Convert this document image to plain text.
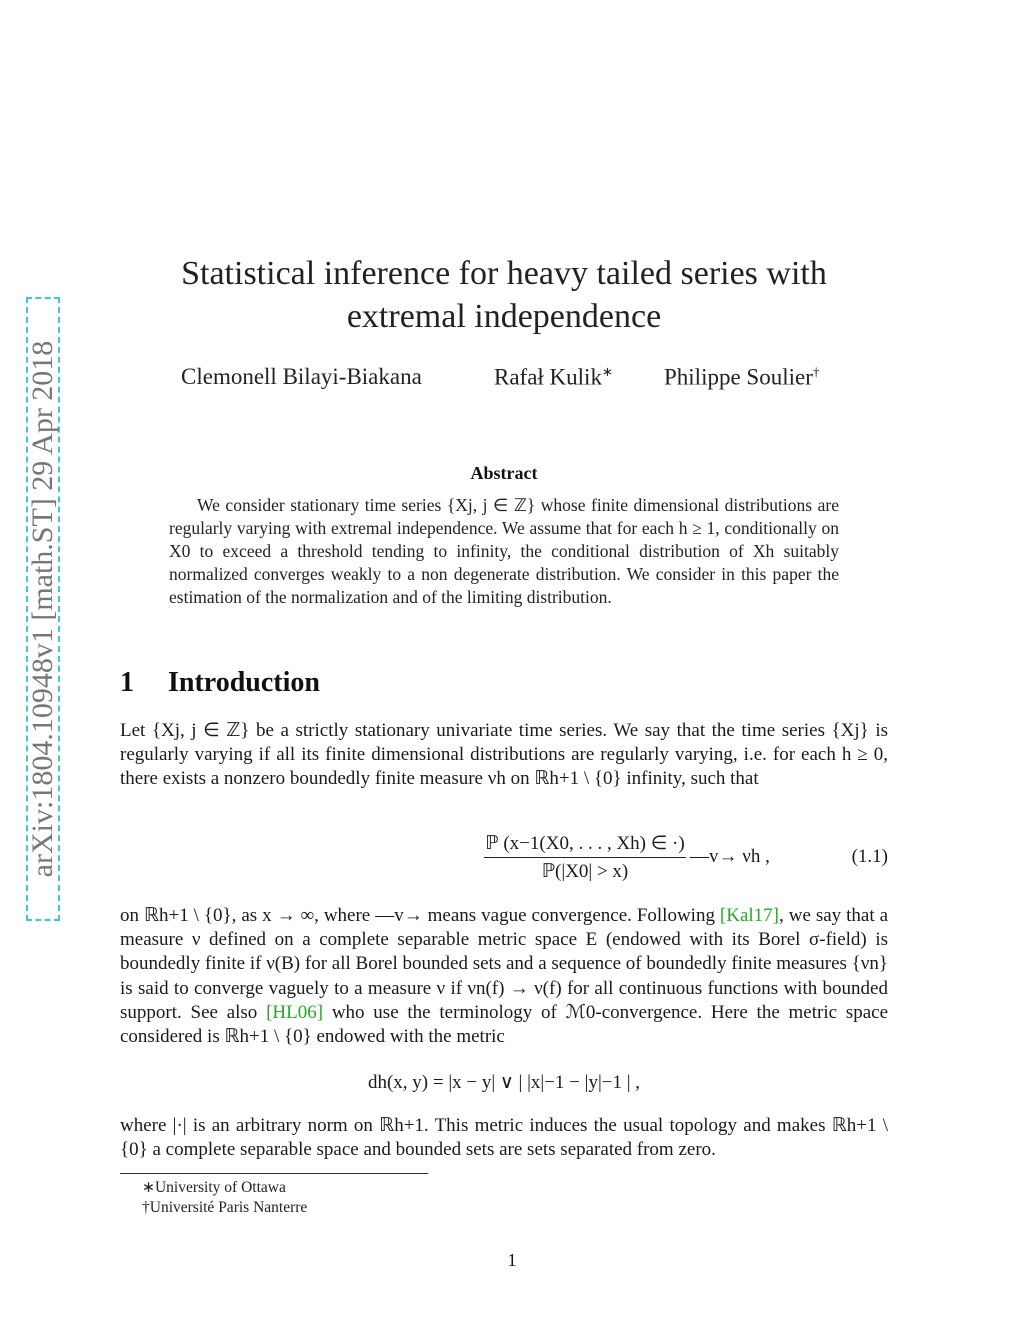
arXiv:1804.10948v1 [math.ST] 29 Apr 2018
Statistical inference for heavy tailed series with
extremal independence
Clemonell Bilayi-Biakana	Rafał Kulik∗ Philippe Soulier†
Abstract

We consider stationary time series {Xj, j ∈ ℤ} whose finite dimensional distributions are regularly varying with extremal independence. We assume that for each h ≥ 1, conditionally on X0 to exceed a threshold tending to infinity, the conditional distribution of Xh suitably normalized converges weakly to a non degenerate distribution. We consider in this paper the estimation of the normalization and of the limiting distribution.

1 Introduction

Let {Xj, j ∈ ℤ} be a strictly stationary univariate time series. We say that the time series {Xj} is regularly varying if all its finite dimensional distributions are regularly varying, i.e. for each h ≥ 0, there exists a nonzero boundedly finite measure νh on ℝh+1 \ {0} infinity, such that

ℙ (x−1(X0, . . . , Xh) ∈ ·)
ℙ(|X0| > x)
—v→ νh ,	(1.1)

on ℝh+1 \ {0}, as x → ∞, where —v→ means vague convergence. Following [Kal17], we say that a measure ν defined on a complete separable metric space E (endowed with its Borel σ-field) is boundedly finite if ν(B) for all Borel bounded sets and a sequence of boundedly finite measures {νn} is said to converge vaguely to a measure ν if νn(f) → ν(f) for all continuous functions with bounded support. See also [HL06] who use the terminology of ℳ0-convergence. Here the metric space considered is ℝh+1 \ {0} endowed with the metric

dh(x, y) = |x − y| ∨ | |x|−1 − |y|−1 | ,

where |·| is an arbitrary norm on ℝh+1. This metric induces the usual topology and makes ℝh+1 \ {0} a complete separable space and bounded sets are sets separated from zero.

∗University of Ottawa
†Université Paris Nanterre
1
